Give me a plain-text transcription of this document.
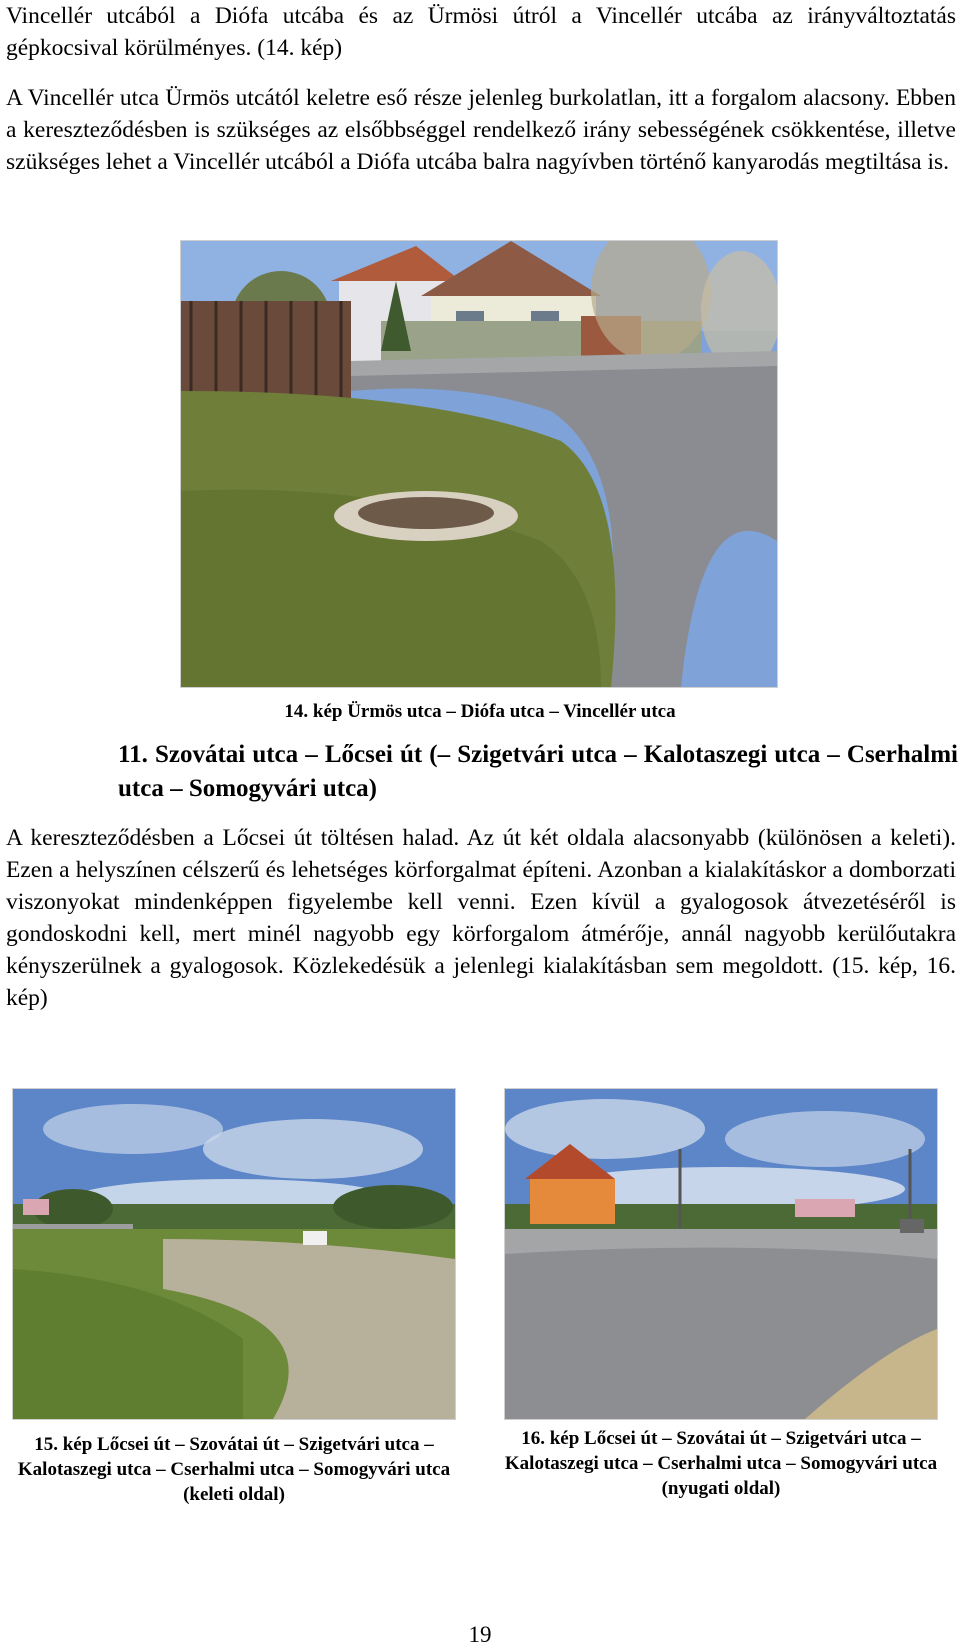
Vincellér utcából a Diófa utcába és az Ürmösi útról a Vincellér utcába az irányváltoztatás gépkocsival körülményes. (14. kép)

A Vincellér utca Ürmös utcától keletre eső része jelenleg burkolatlan, itt a forgalom alacsony. Ebben a kereszteződésben is szükséges az elsőbbséggel rendelkező irány sebességének csökkentése, illetve szükséges lehet a Vincellér utcából a Diófa utcába balra nagyívben történő kanyarodás megtiltása is.

14. kép Ürmös utca – Diófa utca – Vincellér utca

11. Szovátai utca – Lőcsei út (– Szigetvári utca – Kalotaszegi utca – Cserhalmi utca – Somogyvári utca)

A kereszteződésben a Lőcsei út töltésen halad. Az út két oldala alacsonyabb (különösen a keleti). Ezen a helyszínen célszerű és lehetséges körforgalmat építeni. Azonban a kialakításkor a domborzati viszonyokat mindenképpen figyelembe kell venni. Ezen kívül a gyalogosok átvezetéséről is gondoskodni kell, mert minél nagyobb egy körforgalom átmérője, annál nagyobb kerülőutakra kényszerülnek a gyalogosok. Közlekedésük a jelenlegi kialakításban sem megoldott. (15. kép, 16. kép)

15. kép Lőcsei út – Szovátai út – Szigetvári utca – Kalotaszegi utca – Cserhalmi utca – Somogyvári utca (keleti oldal)

16. kép Lőcsei út – Szovátai út – Szigetvári utca – Kalotaszegi utca – Cserhalmi utca – Somogyvári utca (nyugati oldal)

19
